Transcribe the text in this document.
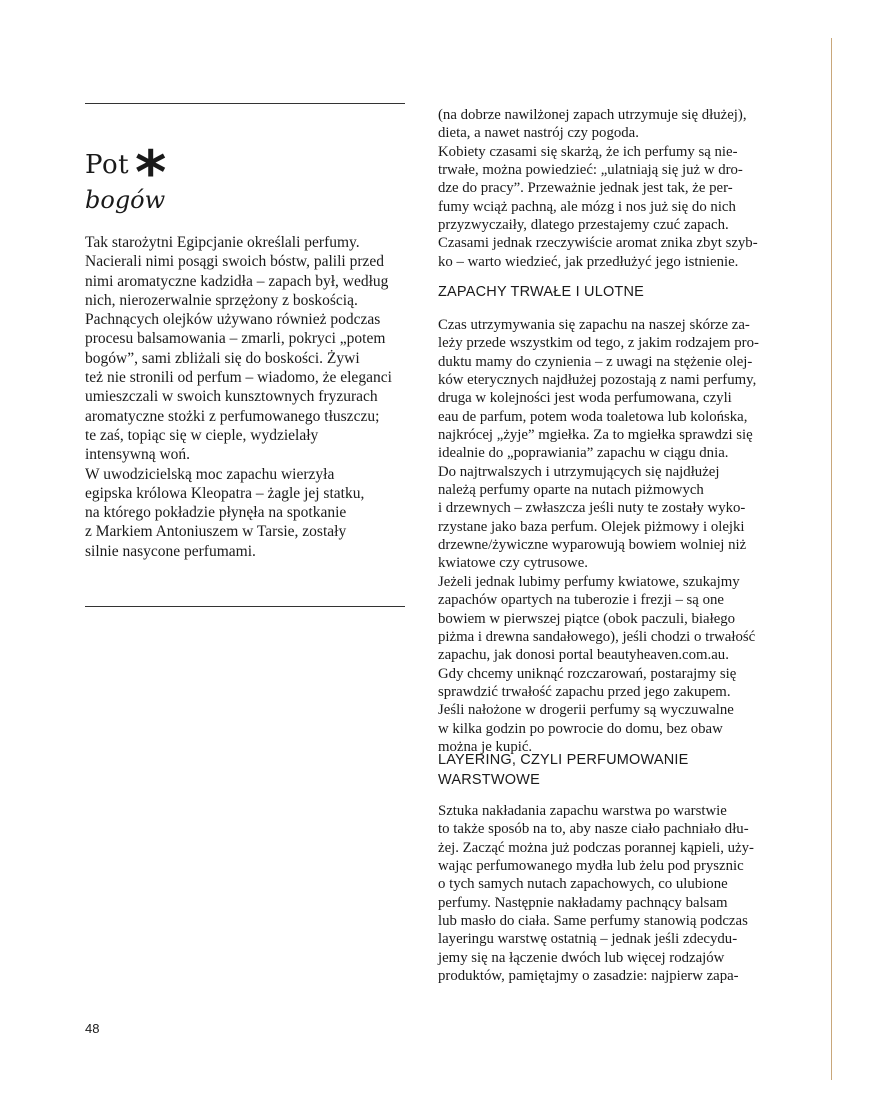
Pot *
bogów
Tak starożytni Egipcjanie określali perfumy.
Nacierali nimi posągi swoich bóstw, palili przed
nimi aromatyczne kadzidła – zapach był, według
nich, nierozerwalnie sprzężony z boskością.
Pachnących olejków używano również podczas
procesu balsamowania – zmarli, pokryci „potem
bogów”, sami zbliżali się do boskości. Żywi
też nie stronili od perfum – wiadomo, że eleganci
umieszczali w swoich kunsztownych fryzurach
aromatyczne stożki z perfumowanego tłuszczu;
te zaś, topiąc się w cieple, wydzielały
intensywną woń.
W uwodzicielską moc zapachu wierzyła
egipska królowa Kleopatra – żagle jej statku,
na którego pokładzie płynęła na spotkanie
z Markiem Antoniuszem w Tarsie, zostały
silnie nasycone perfumami.
(na dobrze nawilżonej zapach utrzymuje się dłużej),
dieta, a nawet nastrój czy pogoda.
Kobiety czasami się skarżą, że ich perfumy są nie-
trwałe, można powiedzieć: „ulatniają się już w dro-
dze do pracy”. Przeważnie jednak jest tak, że per-
fumy wciąż pachną, ale mózg i nos już się do nich
przyzwyczaiły, dlatego przestajemy czuć zapach.
Czasami jednak rzeczywiście aromat znika zbyt szyb-
ko – warto wiedzieć, jak przedłużyć jego istnienie.
ZAPACHY TRWAŁE I ULOTNE
Czas utrzymywania się zapachu na naszej skórze za-
leży przede wszystkim od tego, z jakim rodzajem pro-
duktu mamy do czynienia – z uwagi na stężenie olej-
ków eterycznych najdłużej pozostają z nami perfumy,
druga w kolejności jest woda perfumowana, czyli
eau de parfum, potem woda toaletowa lub kolońska,
najkrócej „żyje” mgiełka. Za to mgiełka sprawdzi się
idealnie do „poprawiania” zapachu w ciągu dnia.
Do najtrwalszych i utrzymujących się najdłużej
należą perfumy oparte na nutach piżmowych
i drzewnych – zwłaszcza jeśli nuty te zostały wyko-
rzystane jako baza perfum. Olejek piżmowy i olejki
drzewne/żywiczne wyparowują bowiem wolniej niż
kwiatowe czy cytrusowe.
Jeżeli jednak lubimy perfumy kwiatowe, szukajmy
zapachów opartych na tuberozie i frezji – są one
bowiem w pierwszej piątce (obok paczuli, białego
piżma i drewna sandałowego), jeśli chodzi o trwałość
zapachu, jak donosi portal beautyheaven.com.au.
Gdy chcemy uniknąć rozczarowań, postarajmy się
sprawdzić trwałość zapachu przed jego zakupem.
Jeśli nałożone w drogerii perfumy są wyczuwalne
w kilka godzin po powrocie do domu, bez obaw
można je kupić.
LAYERING, CZYLI PERFUMOWANIE
WARSTWOWE
Sztuka nakładania zapachu warstwa po warstwie
to także sposób na to, aby nasze ciało pachniało dłu-
żej. Zacząć można już podczas porannej kąpieli, uży-
wając perfumowanego mydła lub żelu pod prysznic
o tych samych nutach zapachowych, co ulubione
perfumy. Następnie nakładamy pachnący balsam
lub masło do ciała. Same perfumy stanowią podczas
layeringu warstwę ostatnią – jednak jeśli zdecydu-
jemy się na łączenie dwóch lub więcej rodzajów
produktów, pamiętajmy o zasadzie: najpierw zapa-
48
